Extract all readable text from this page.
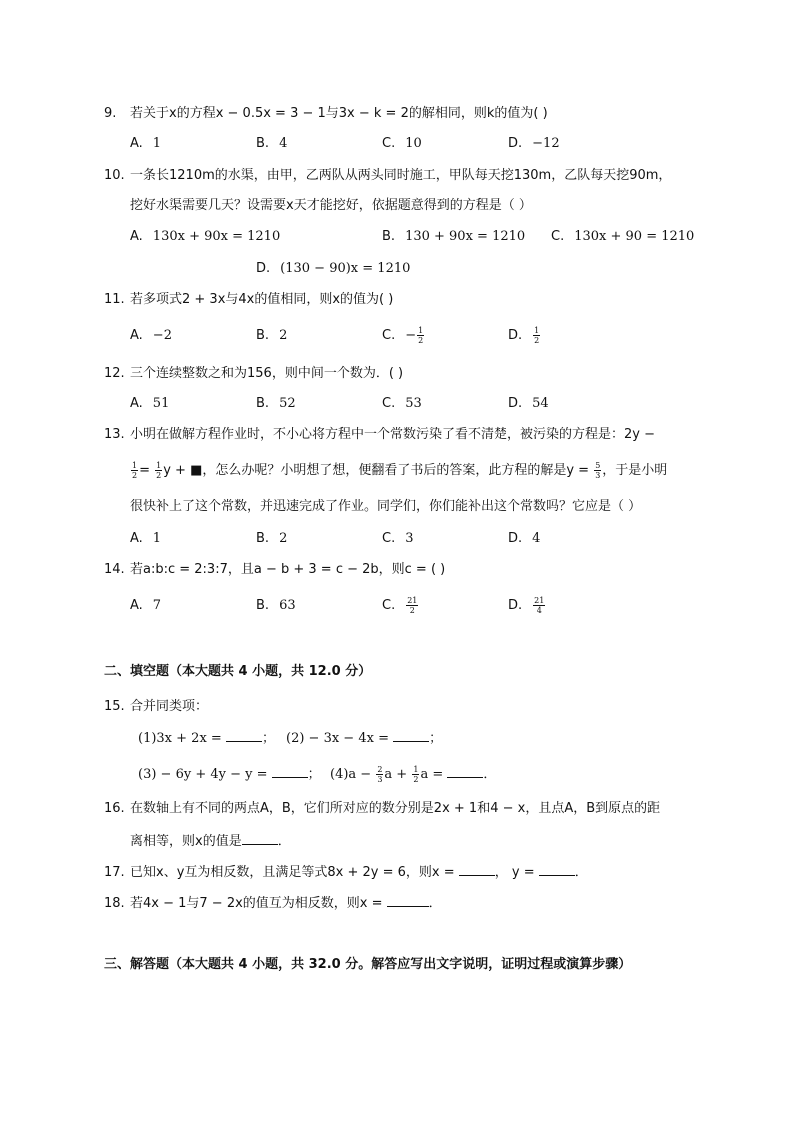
9. 若关于x的方程x − 0.5x = 3 − 1与3x − k = 2的解相同，则k的值为( )
A. 1	B. 4	C. 10	D. −12
10. 一条长1210m的水渠，由甲，乙两队从两头同时施工，甲队每天挖130m，乙队每天挖90m，
挖好水渠需要几天？设需要x天才能挖好，依据题意得到的方程是（ ）
A. 130x + 90x = 1210	B. 130 + 90x = 1210 C. 130x + 90 = 1210
D. (130 − 90)x = 1210
11. 若多项式2 + 3x与4x的值相同，则x的值为( )
A. −2	B. 2	C. − $\frac{1}{2}$	D. $\frac{1}{2}$
12. 三个连续整数之和为156，则中间一个数为．( )
A. 51	B. 52	C. 53	D. 54
13. 小明在做解方程作业时，不小心将方程中一个常数污染了看不清楚，被污染的方程是：2y −
$\frac{1}{2} = \frac{1}{2}$ y + ■，怎么办呢？小明想了想，便翻看了书后的答案，此方程的解是$y = \frac{5}{3}$ ，于是小明
很快补上了这个常数，并迅速完成了作业。同学们，你们能补出这个常数吗？它应是（ ）
A. 1	B. 2	C. 3	D. 4
14. 若a:b:c = 2:3:7，且a − b + 3 = c − 2b，则c = ( )
A. 7	B. 63	C. $\frac{21}{2}$	D. $\frac{21}{4}$
二、填空题（本大题共 4 小题，共 12.0 分）
15. 合并同类项：
(1)3x + 2x =	； (2) − 3x − 4x =	；
(3) − 6y + 4y − y =	； $(4)a - \frac{2}{3}$ $a + \frac{1}{2}$ a =	．
16. 在数轴上有不同的两点A，B，它们所对应的数分别是2x + 1和4 − x，且点A，B到原点的距
离相等，则x的值是	．
17. 已知x、y互为相反数，且满足等式8x + 2y = 6，则x =	， y =	．
18. 若4x − 1与7 − 2x的值互为相反数，则x =	．
三、解答题（本大题共 4 小题，共 32.0 分。解答应写出文字说明，证明过程或演算步骤）
